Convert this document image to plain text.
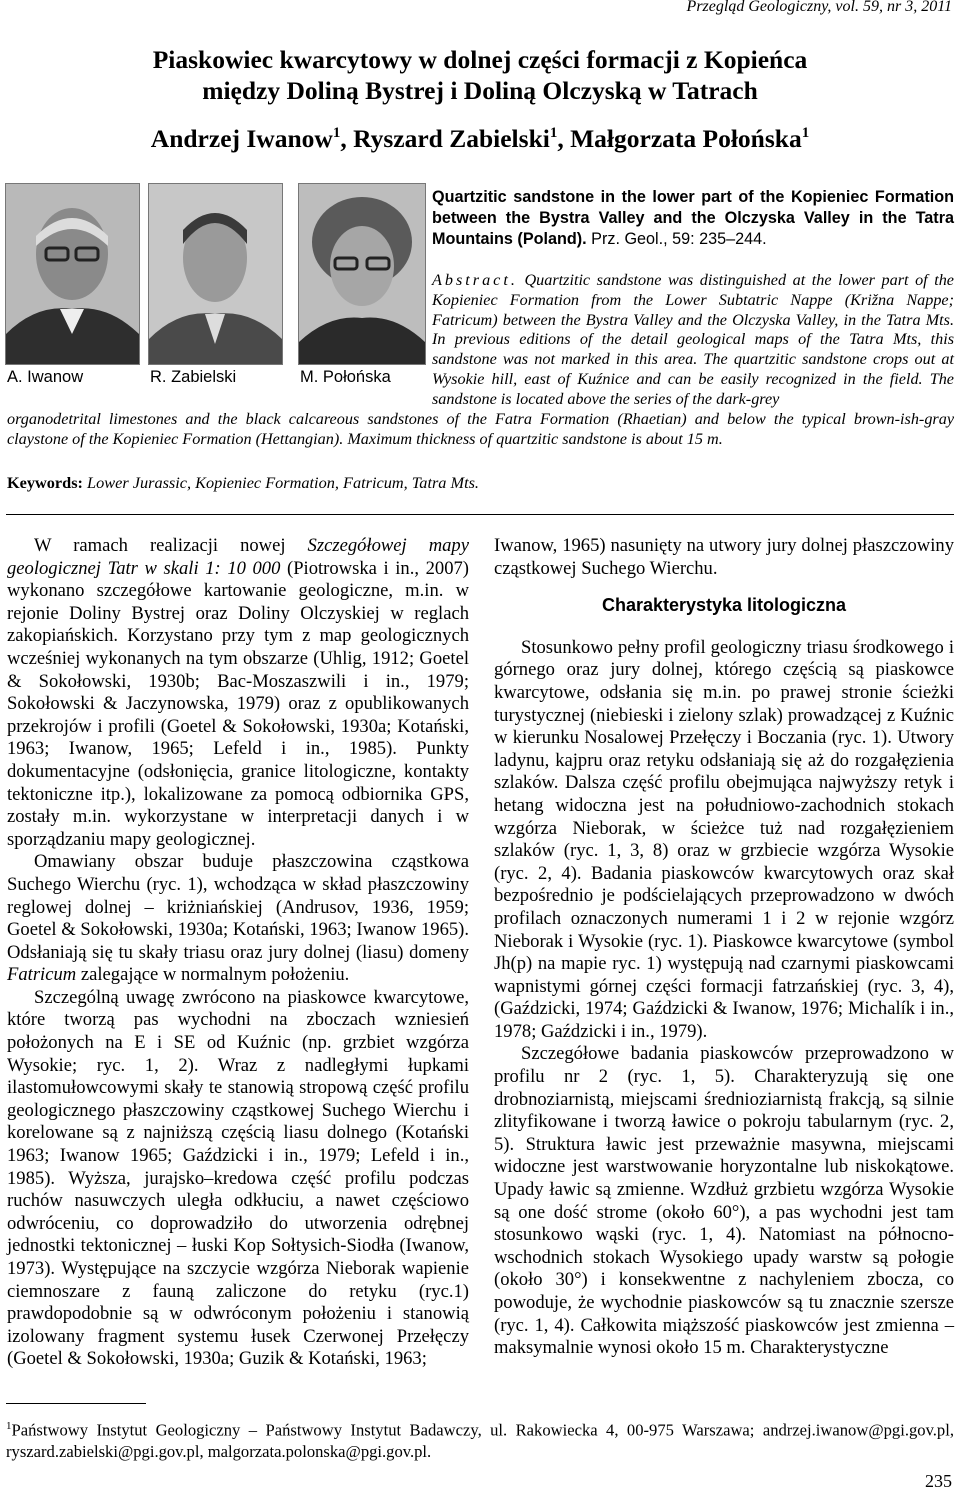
Przegląd Geologiczny, vol. 59, nr 3, 2011
Piaskowiec kwarcytowy w dolnej części formacji z Kopieńca
między Doliną Bystrej i Doliną Olczyską w Tatrach
Andrzej Iwanow$^1$, Ryszard Zabielski$^1$, Małgorzata Połońska$^1$
A. Iwanow	R. Zabielski	M. Połońska
Quartzitic sandstone in the lower part of the Kopieniec Formation between the Bystra Valley and the Olczyska Valley in the Tatra Mountains (Poland). Prz. Geol., 59: 235–244.
Abstract. Quartzitic sandstone was distinguished at the lower part of the Kopieniec Formation from the Lower Subtatric Nappe (Križna Nappe; Fatricum) between the Bystra Valley and the Olczyska Valley, in the Tatra Mts. In previous editions of the detail geological maps of the Tatra Mts, this sandstone was not marked in this area. The quartzitic sandstone crops out at Wysokie hill, east of Kuźnice and can be easily recognized in the field. The sandstone is located above the series of the dark-grey
organodetrital limestones and the black calcareous sandstones of the Fatra Formation (Rhaetian) and below the typical brown-ish-gray claystone of the Kopieniec Formation (Hettangian). Maximum thickness of quartzitic sandstone is about 15 m.
Keywords: Lower Jurassic, Kopieniec Formation, Fatricum, Tatra Mts.

W ramach realizacji nowej Szczegółowej mapy geologicznej Tatr w skali 1: 10 000 (Piotrowska i in., 2007) wykonano szczegółowe kartowanie geologiczne, m.in. w rejonie Doliny Bystrej oraz Doliny Olczyskiej w reglach zakopiańskich. Korzystano przy tym z map geologicznych wcześniej wykonanych na tym obszarze (Uhlig, 1912; Goetel & Sokołowski, 1930b; Bac-Moszaszwili i in., 1979; Sokołowski & Jaczynowska, 1979) oraz z opublikowanych przekrojów i profili (Goetel & Sokołowski, 1930a; Kotański, 1963; Iwanow, 1965; Lefeld i in., 1985). Punkty dokumentacyjne (odsłonięcia, granice litologiczne, kontakty tektoniczne itp.), lokalizowane za pomocą odbiornika GPS, zostały m.in. wykorzystane w interpretacji danych i w sporządzaniu mapy geologicznej.

Omawiany obszar buduje płaszczowina cząstkowa Suchego Wierchu (ryc. 1), wchodząca w skład płaszczowiny reglowej dolnej – kriżniańskiej (Andrusov, 1936, 1959; Goetel & Sokołowski, 1930a; Kotański, 1963; Iwanow 1965). Odsłaniają się tu skały triasu oraz jury dolnej (liasu) domeny Fatricum zalegające w normalnym położeniu.

Szczególną uwagę zwrócono na piaskowce kwarcytowe, które tworzą pas wychodni na zboczach wzniesień położonych na E i SE od Kuźnic (np. grzbiet wzgórza Wysokie; ryc. 1, 2). Wraz z nadległymi łupkami ilastomułowcowymi skały te stanowią stropową część profilu geologicznego płaszczowiny cząstkowej Suchego Wierchu i korelowane są z najniższą częścią liasu dolnego (Kotański 1963; Iwanow 1965; Gaździcki i in., 1979; Lefeld i in., 1985). Wyższa, jurajsko–kredowa część profilu podczas ruchów nasuwczych uległa odkłuciu, a nawet częściowo odwróceniu, co doprowadziło do utworzenia odrębnej jednostki tektonicznej – łuski Kop Sołtysich-Siodła (Iwanow, 1973). Występujące na szczycie wzgórza Nieborak wapienie ciemnoszare z fauną zaliczone do retyku (ryc.1) prawdopodobnie są w odwróconym położeniu i stanowią izolowany fragment systemu łusek Czerwonej Przełęczy (Goetel & Sokołowski, 1930a; Guzik & Kotański, 1963;

Iwanow, 1965) nasunięty na utwory jury dolnej płaszczowiny cząstkowej Suchego Wierchu.

Charakterystyka litologiczna

Stosunkowo pełny profil geologiczny triasu środkowego i górnego oraz jury dolnej, którego częścią są piaskowce kwarcytowe, odsłania się m.in. po prawej stronie ścieżki turystycznej (niebieski i zielony szlak) prowadzącej z Kuźnic w kierunku Nosalowej Przełęczy i Boczania (ryc. 1). Utwory ladynu, kajpru oraz retyku odsłaniają się aż do rozgałęzienia szlaków. Dalsza część profilu obejmująca najwyższy retyk i hetang widoczna jest na południowo-zachodnich stokach wzgórza Nieborak, w ścieżce tuż nad rozgałęzieniem szlaków (ryc. 1, 3, 8) oraz w grzbiecie wzgórza Wysokie (ryc. 2, 4). Badania piaskowców kwarcytowych oraz skał bezpośrednio je podścielających przeprowadzono w dwóch profilach oznaczonych numerami 1 i 2 w rejonie wzgórz Nieborak i Wysokie (ryc. 1). Piaskowce kwarcytowe (symbol Jh(p) na mapie ryc. 1) występują nad czarnymi piaskowcami wapnistymi górnej części formacji fatrzańskiej (ryc. 3, 4), (Gaździcki, 1974; Gaździcki & Iwanow, 1976; Michalík i in., 1978; Gaździcki i in., 1979).

Szczegółowe badania piaskowców przeprowadzono w profilu nr 2 (ryc. 1, 5). Charakteryzują się one drobnoziarnistą, miejscami średnioziarnistą frakcją, są silnie zlityfikowane i tworzą ławice o pokroju tabularnym (ryc. 2, 5). Struktura ławic jest przeważnie masywna, miejscami widoczne jest warstwowanie horyzontalne lub niskokątowe. Upady ławic są zmienne. Wzdłuż grzbietu wzgórza Wysokie są one dość strome (około 60°), a pas wychodni jest tam stosunkowo wąski (ryc. 1, 4). Natomiast na północno-wschodnich stokach Wysokiego upady warstw są połogie (około 30°) i konsekwentne z nachyleniem zbocza, co powoduje, że wychodnie piaskowców są tu znacznie szersze (ryc. 1, 4). Całkowita miąższość piaskowców jest zmienna – maksymalnie wynosi około 15 m. Charakterystyczne

$^1$Państwowy Instytut Geologiczny – Państwowy Instytut Badawczy, ul. Rakowiecka 4, 00-975 Warszawa; andrzej.iwanow@pgi.gov.pl, ryszard.zabielski@pgi.gov.pl, malgorzata.polonska@pgi.gov.pl.
235
